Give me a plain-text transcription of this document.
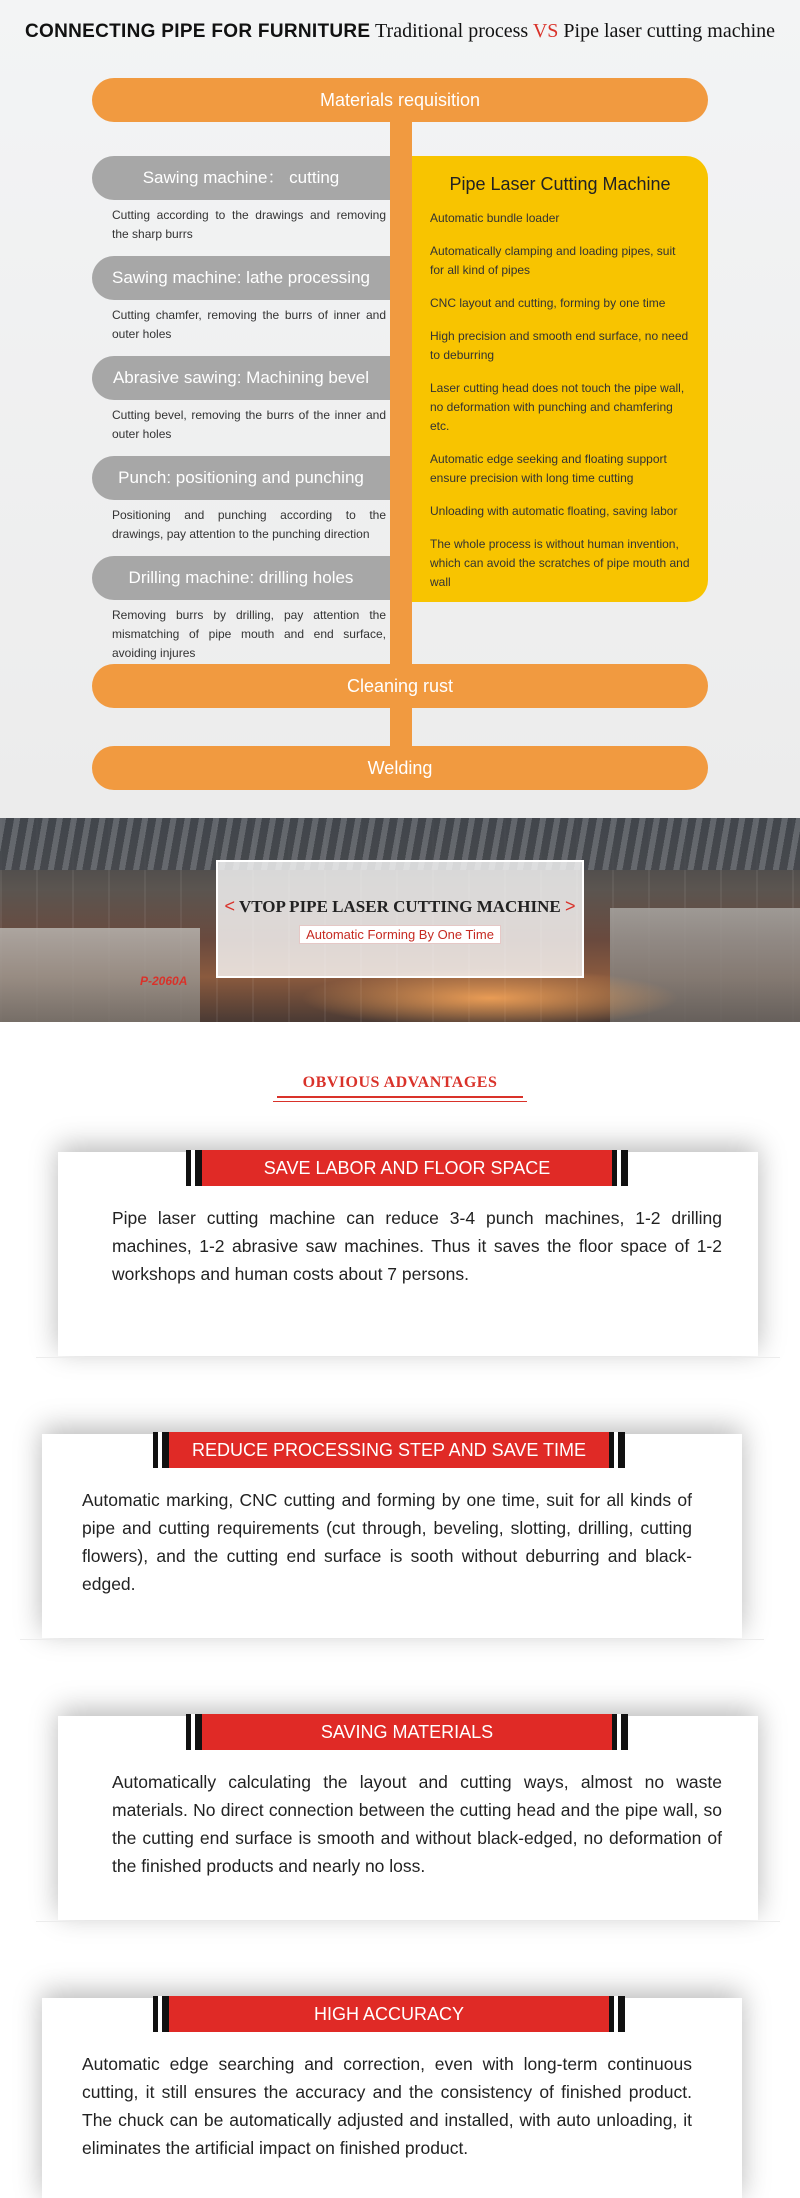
CONNECTING PIPE FOR FURNITURE Traditional process VS Pipe laser cutting machine
Materials requisition
Sawing machine： cutting
Cutting according to the drawings and removing the sharp burrs
Sawing machine: lathe processing
Cutting chamfer, removing the burrs of inner and outer holes
Abrasive sawing: Machining bevel
Cutting bevel, removing the burrs of the inner and outer holes
Punch: positioning and punching
Positioning and punching according to the drawings, pay attention to the punching direction
Drilling machine: drilling holes
Removing burrs by drilling, pay attention the mismatching of pipe mouth and end surface, avoiding injures
Pipe Laser Cutting Machine
Automatic bundle loader
Automatically clamping and loading pipes, suit for all kind of pipes
CNC layout and cutting, forming by one time
High precision and smooth end surface, no need to deburring
Laser cutting head does not touch the pipe wall, no deformation with punching and chamfering etc.
Automatic edge seeking and floating support ensure precision with long time cutting
Unloading with automatic floating, saving labor
The whole process is without human invention, which can avoid the scratches of pipe mouth and wall
Cleaning rust
Welding
P-2060A
< VTOP PIPE LASER CUTTING MACHINE >
Automatic Forming By One Time
OBVIOUS ADVANTAGES
SAVE LABOR AND FLOOR SPACE
Pipe laser cutting machine can reduce 3-4 punch machines, 1-2 drilling machines, 1-2 abrasive saw machines. Thus it saves the floor space of 1-2 workshops and human costs about 7 persons.
REDUCE PROCESSING STEP AND SAVE TIME
Automatic marking, CNC cutting and forming by one time, suit for all kinds of pipe and cutting requirements (cut through, beveling, slotting, drilling, cutting flowers), and the cutting end surface is sooth without deburring and black-edged.
SAVING MATERIALS
Automatically calculating the layout and cutting ways, almost no waste materials. No direct connection between the cutting head and the pipe wall, so the cutting end surface is smooth and without black-edged, no deformation of the finished products and nearly no loss.
HIGH ACCURACY
Automatic edge searching and correction, even with long-term continuous cutting, it still ensures the accuracy and the consistency of finished product. The chuck can be automatically adjusted and installed, with auto unloading, it eliminates the artificial impact on finished product.
